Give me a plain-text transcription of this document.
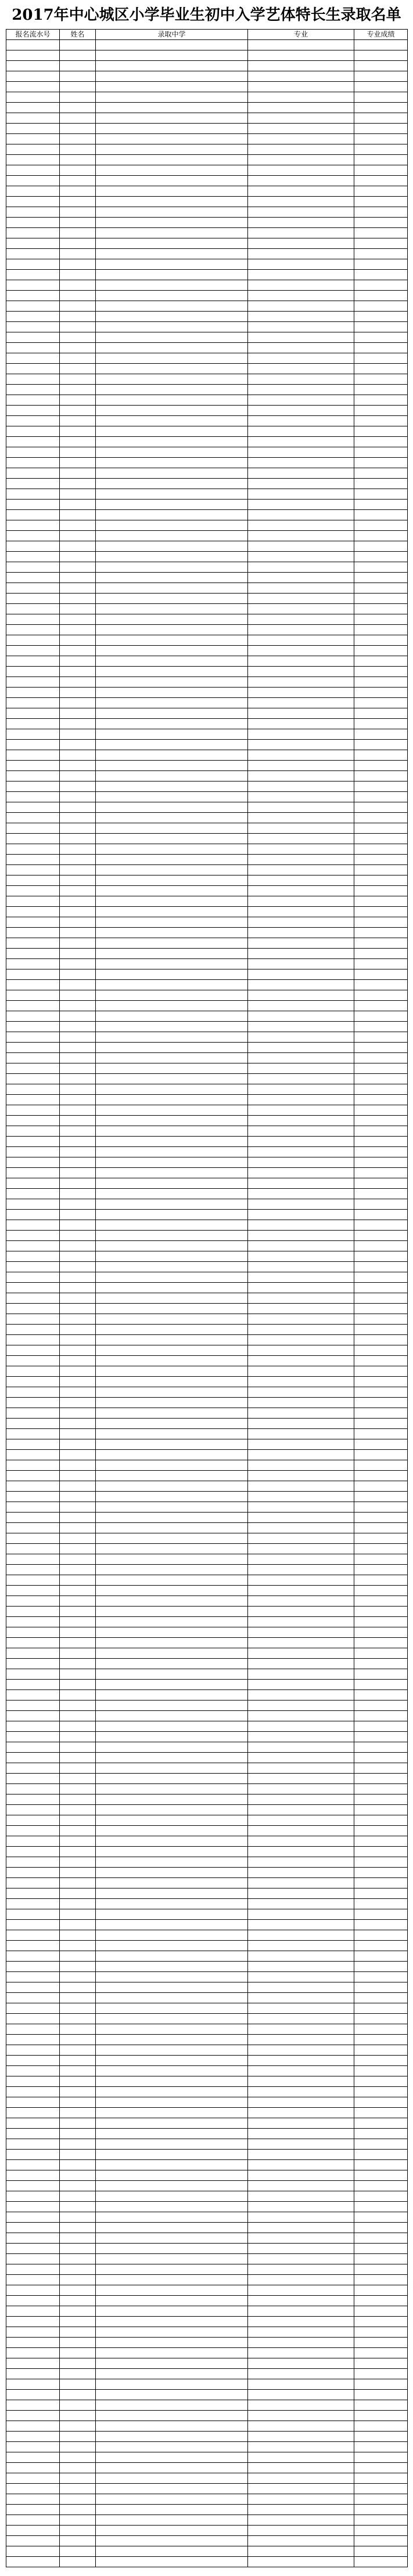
2017年中心城区小学毕业生初中入学艺体特长生录取名单
报名流水号	姓名	录取中学	专业	专业成绩
